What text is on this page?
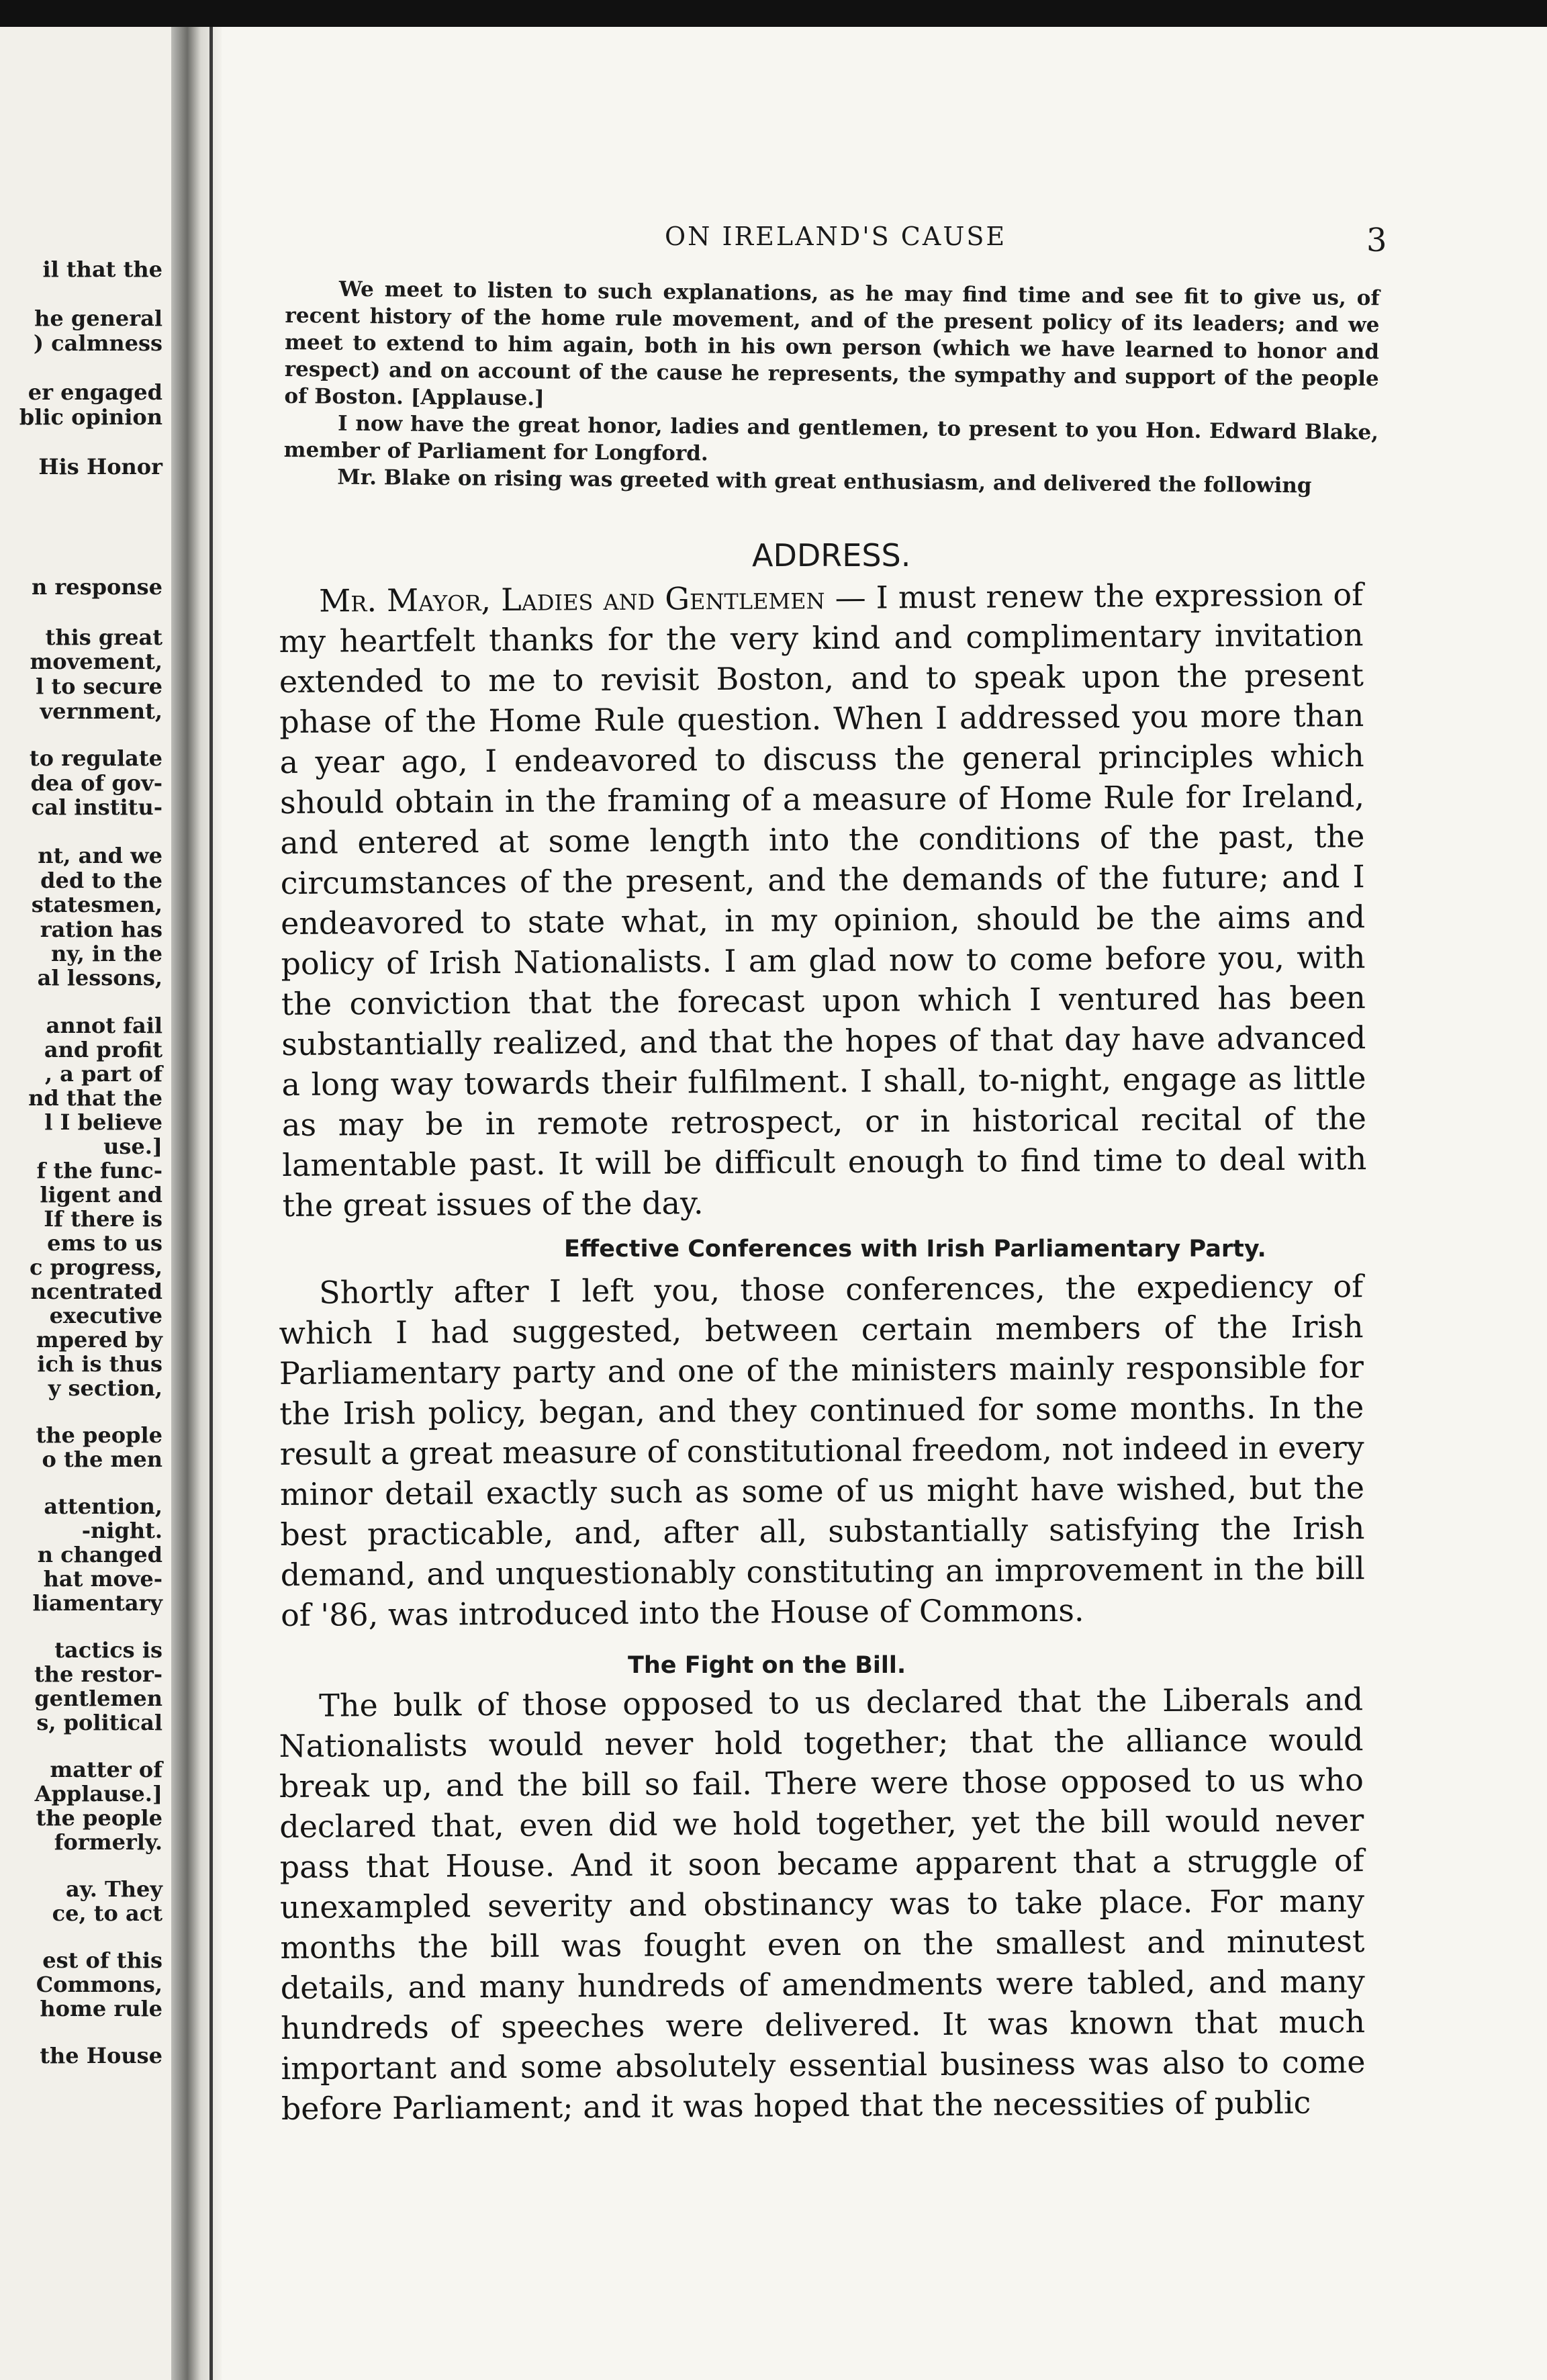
il that the
he general
) calmness
er engaged
blic opinion
His Honor
n response
this great
movement,
l to secure
vernment,
to regulate
dea of gov-
cal institu-
nt, and we
ded to the
statesmen,
ration has
ny, in the
al lessons,
annot fail
and profit
, a part of
nd that the
l I believe
use.]
f the func-
ligent and
If there is
ems to us
c progress,
ncentrated
executive
mpered by
ich is thus
y section,
the people
o the men
attention,
-night.
n changed
hat move-
liamentary
tactics is
the restor-
gentlemen
s, political
matter of
Applause.]
the people
formerly.
ay. They
ce, to act
est of this
Commons,
home rule
the House
ON IRELAND'S CAUSE	3

We meet to listen to such explanations, as he may find time and see fit to give us, of recent history of the home rule movement, and of the present policy of its leaders; and we meet to extend to him again, both in his own person (which we have learned to honor and respect) and on account of the cause he represents, the sympathy and support of the people of Boston. [Applause.]

I now have the great honor, ladies and gentlemen, to present to you Hon. Edward Blake, member of Parliament for Longford.

Mr. Blake on rising was greeted with great enthusiasm, and delivered the following

ADDRESS.

Mr. Mayor, Ladies and Gentlemen — I must renew the expression of my heartfelt thanks for the very kind and complimentary invitation extended to me to revisit Boston, and to speak upon the present phase of the Home Rule question. When I addressed you more than a year ago, I endeavored to discuss the general principles which should obtain in the framing of a measure of Home Rule for Ireland, and entered at some length into the conditions of the past, the circumstances of the present, and the demands of the future; and I endeavored to state what, in my opinion, should be the aims and policy of Irish Nationalists. I am glad now to come before you, with the conviction that the forecast upon which I ventured has been substantially realized, and that the hopes of that day have advanced a long way towards their fulfilment. I shall, to-night, engage as little as may be in remote retrospect, or in historical recital of the lamentable past. It will be difficult enough to find time to deal with the great issues of the day.

Effective Conferences with Irish Parliamentary Party.

Shortly after I left you, those conferences, the expediency of which I had suggested, between certain members of the Irish Parliamentary party and one of the ministers mainly responsible for the Irish policy, began, and they continued for some months. In the result a great measure of constitutional freedom, not indeed in every minor detail exactly such as some of us might have wished, but the best practicable, and, after all, substantially satisfying the Irish demand, and unquestionably constituting an improvement in the bill of '86, was introduced into the House of Commons.

The Fight on the Bill.

The bulk of those opposed to us declared that the Liberals and Nationalists would never hold together; that the alliance would break up, and the bill so fail. There were those opposed to us who declared that, even did we hold together, yet the bill would never pass that House. And it soon became apparent that a struggle of unexampled severity and obstinancy was to take place. For many months the bill was fought even on the smallest and minutest details, and many hundreds of amendments were tabled, and many hundreds of speeches were delivered. It was known that much important and some absolutely essential business was also to come before Parliament; and it was hoped that the necessities of public
